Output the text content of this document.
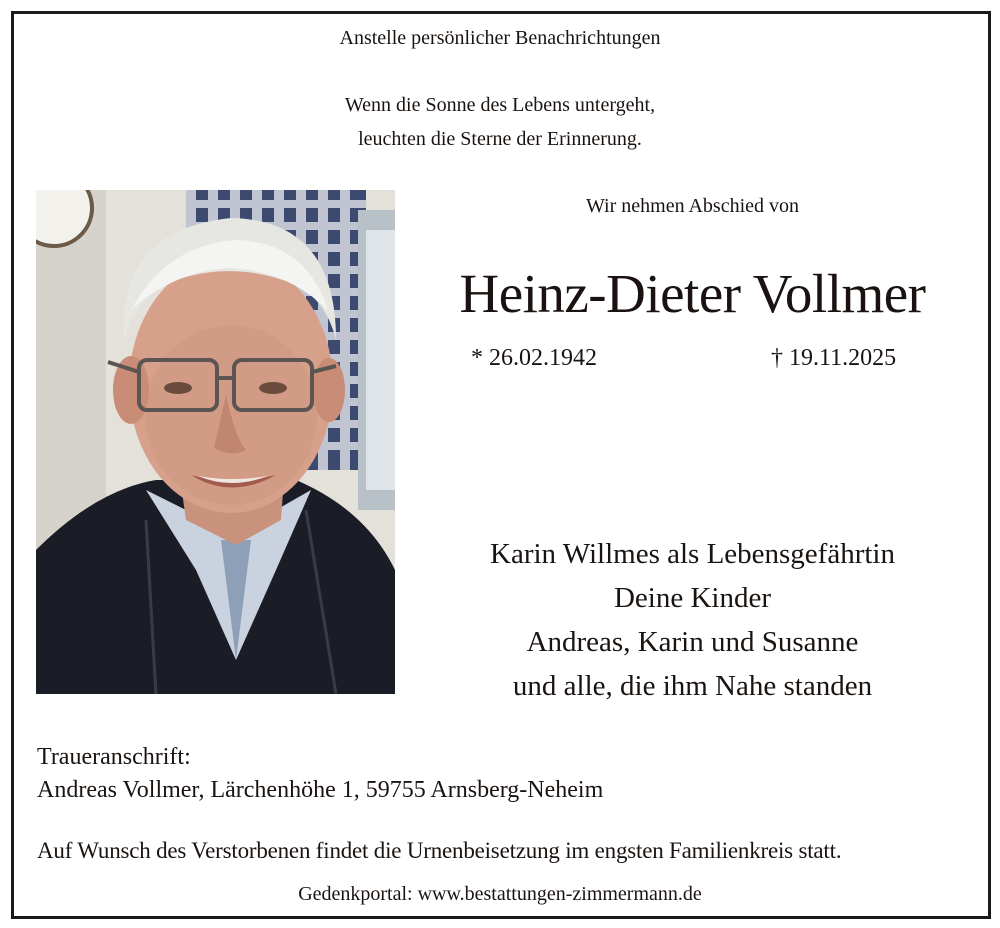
Anstelle persönlicher Benachrichtungen
Wenn die Sonne des Lebens untergeht,
leuchten die Sterne der Erinnerung.
Wir nehmen Abschied von
Heinz-Dieter Vollmer
* 26.02.1942	† 19.11.2025
Karin Willmes als Lebensgefährtin
Deine Kinder
Andreas, Karin und Susanne
und alle, die ihm Nahe standen
Traueranschrift:
Andreas Vollmer, Lärchenhöhe 1, 59755 Arnsberg-Neheim
Auf Wunsch des Verstorbenen findet die Urnenbeisetzung im engsten Familienkreis statt.
Gedenkportal: www.bestattungen-zimmermann.de
